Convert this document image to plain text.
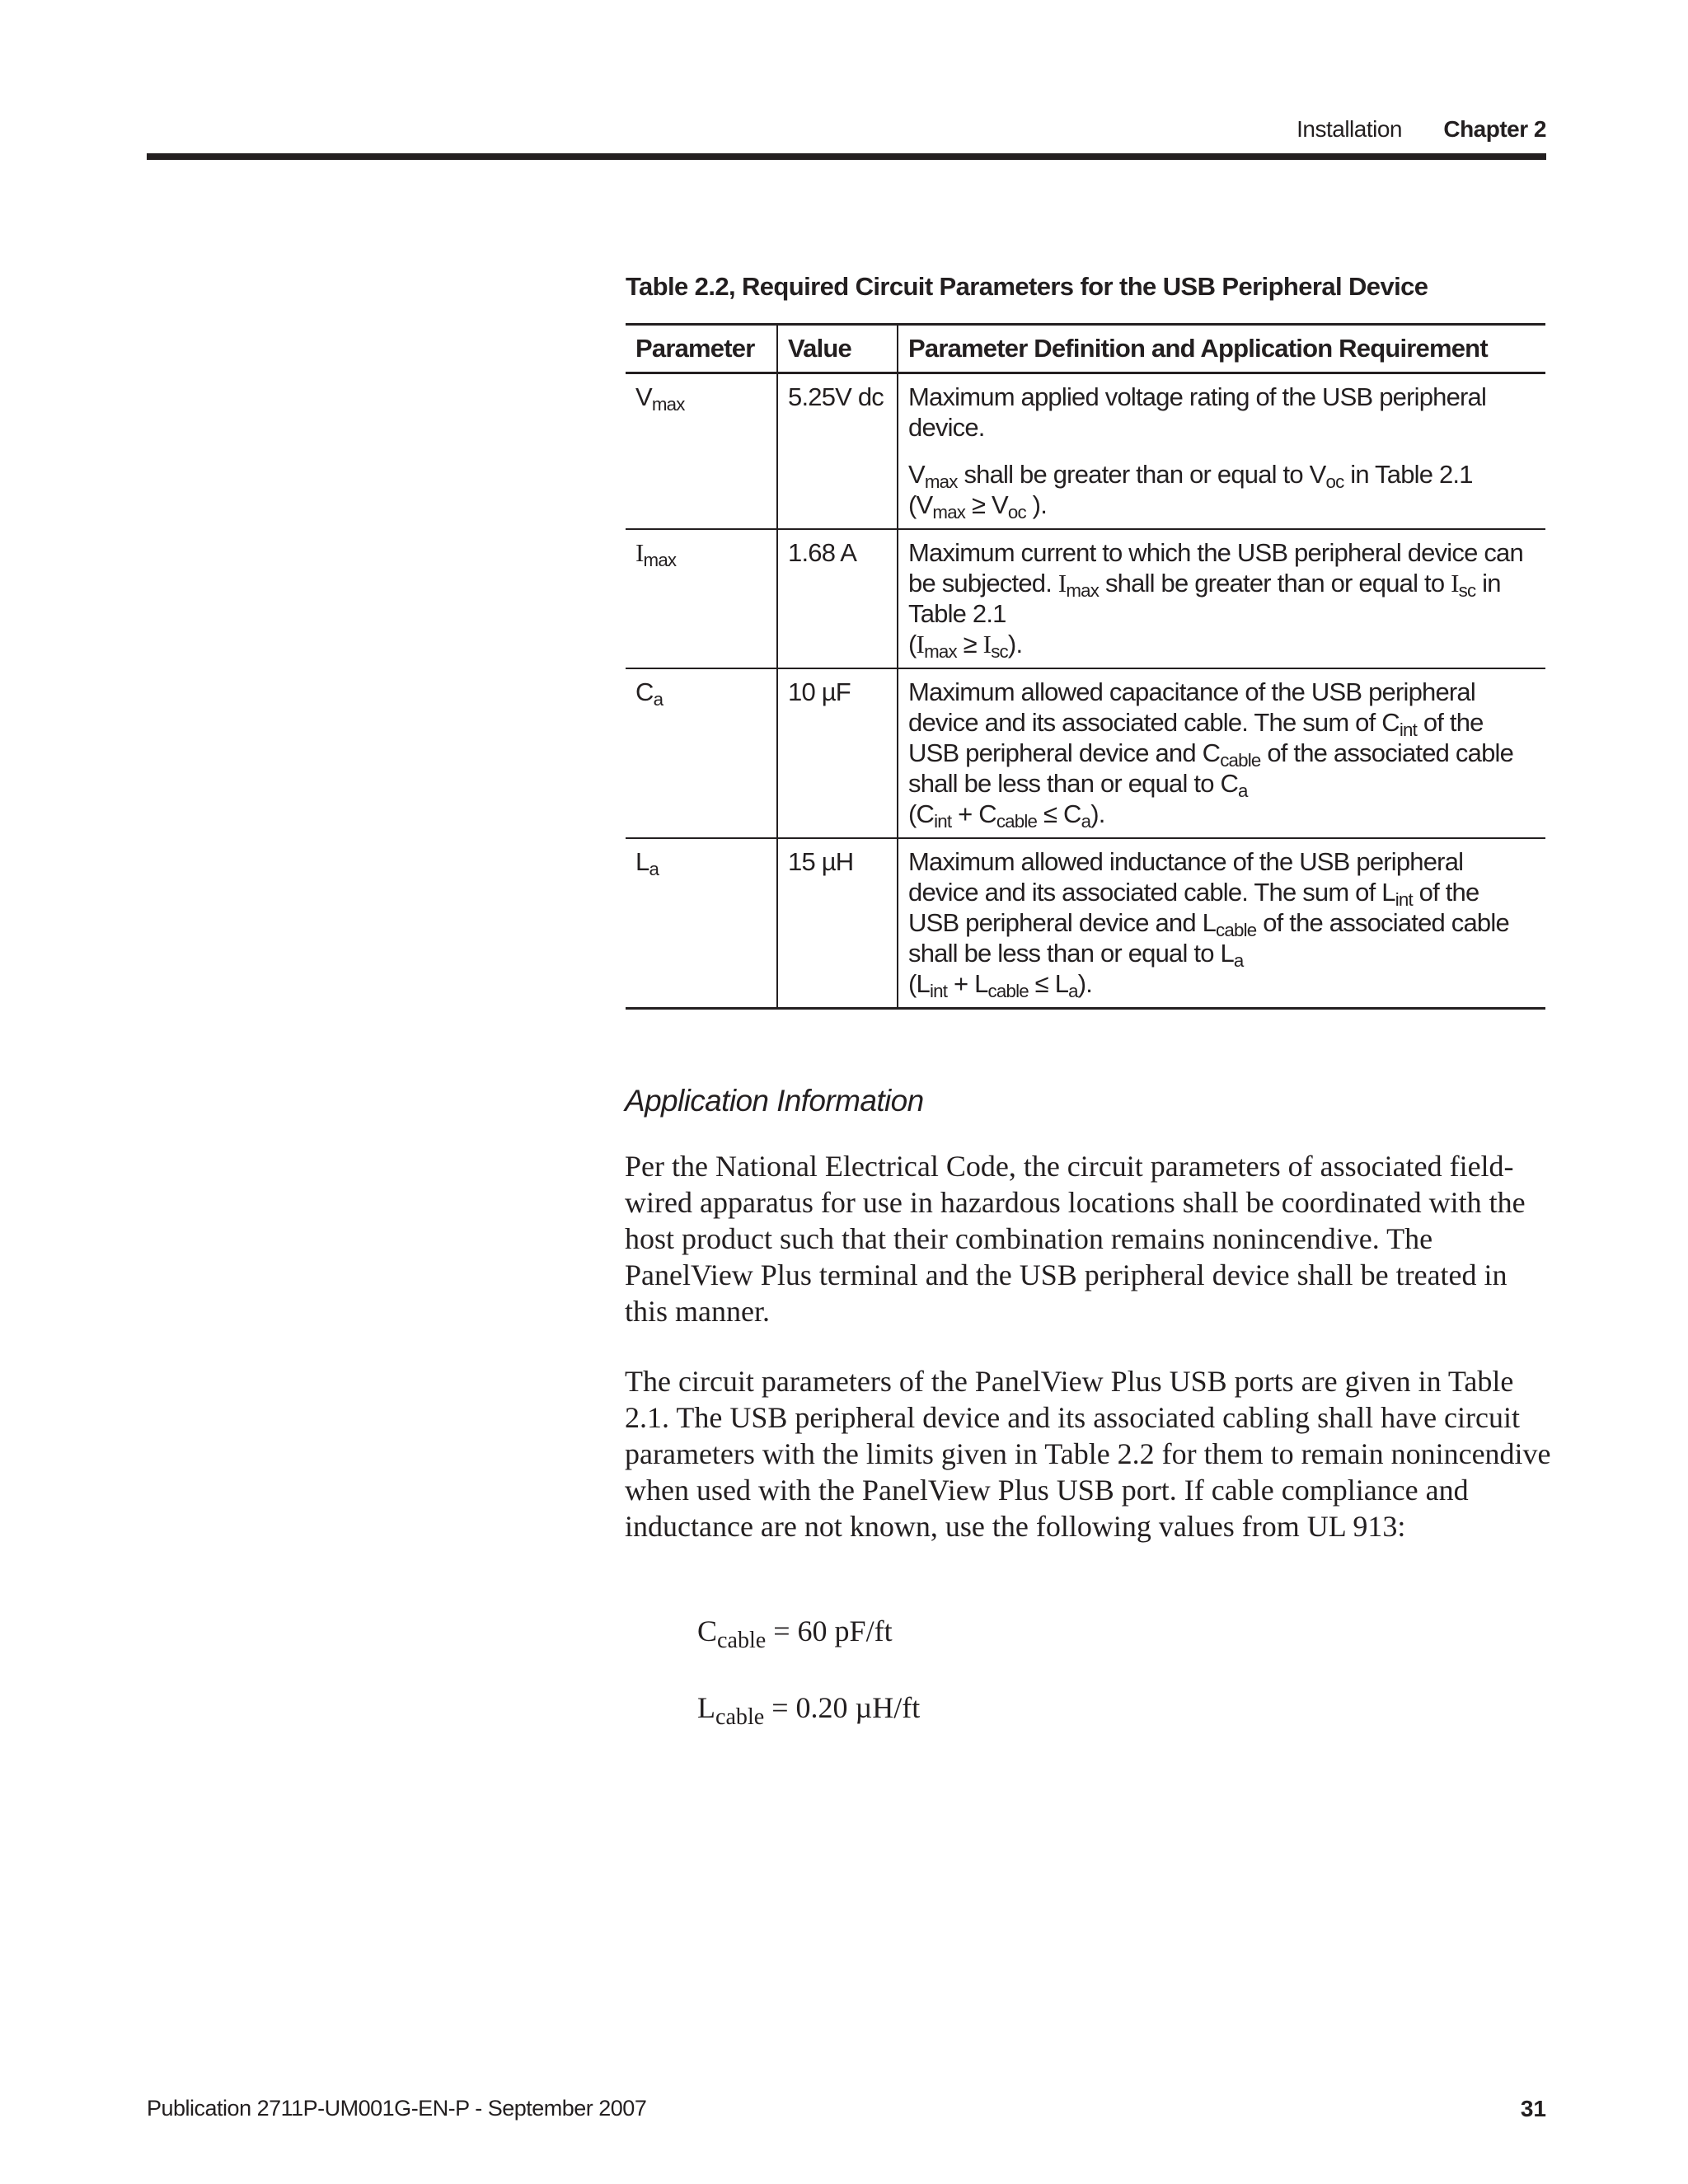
Installation Chapter 2
Table 2.2, Required Circuit Parameters for the USB Peripheral Device
Parameter	Value	Parameter Definition and Application Requirement
$V_{max}$	5.25V dc	Maximum applied voltage rating of the USB peripheral device.

$V_{max}$ shall be greater than or equal to $V_{oc}$ in Table 2.1 ($V_{max} \ge V_{oc}$ ).

$I_{max}$	1.68 A	Maximum current to which the USB peripheral device can be subjected. $I_{max}$ shall be greater than or equal to $I_{sc}$ in Table 2.1
$(I_{max} \ge I_{sc})$.
$C_a$	10 µF	Maximum allowed capacitance of the USB peripheral device and its associated cable. The sum of $C_{int}$ of the USB peripheral device and $C_{cable}$ of the associated cable shall be less than or equal to $C_a$
$(C_{int} + C_{cable} \le C_a)$.
$L_a$	15 µH	Maximum allowed inductance of the USB peripheral device and its associated cable. The sum of $L_{int}$ of the USB peripheral device and $L_{cable}$ of the associated cable shall be less than or equal to $L_a$
$(L_{int} + L_{cable} \le L_a)$.
Application Information

Per the National Electrical Code, the circuit parameters of associated field-wired apparatus for use in hazardous locations shall be coordinated with the host product such that their combination remains nonincendive. The PanelView Plus terminal and the USB peripheral device shall be treated in this manner.

The circuit parameters of the PanelView Plus USB ports are given in Table 2.1. The USB peripheral device and its associated cabling shall have circuit parameters with the limits given in Table 2.2 for them to remain nonincendive when used with the PanelView Plus USB port. If cable compliance and inductance are not known, use the following values from UL 913:

$C_{cable} = 60$ pF/ft
$L_{cable} = 0.20$ µH/ft
Publication 2711P-UM001G-EN-P - September 2007	31
